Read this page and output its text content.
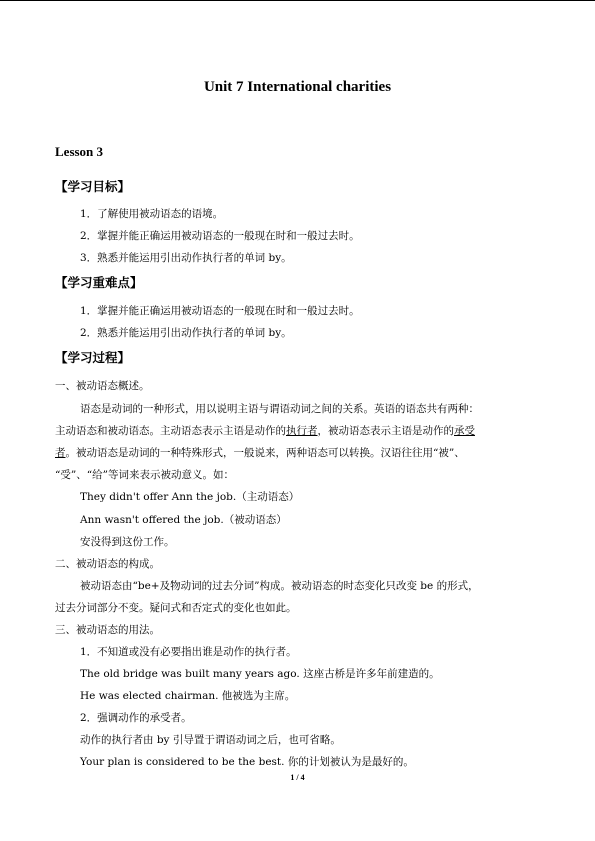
Unit 7 International charities
Lesson 3
【学习目标】
1．了解使用被动语态的语境。
2．掌握并能正确运用被动语态的一般现在时和一般过去时。
3．熟悉并能运用引出动作执行者的单词 by。
【学习重难点】
1．掌握并能正确运用被动语态的一般现在时和一般过去时。
2．熟悉并能运用引出动作执行者的单词 by。
【学习过程】
一、被动语态概述。
语态是动词的一种形式，用以说明主语与谓语动词之间的关系。英语的语态共有两种：
主动语态和被动语态。主动语态表示主语是动作的执行者，被动语态表示主语是动作的承受
者。被动语态是动词的一种特殊形式，一般说来，两种语态可以转换。汉语往往用“被”、
“受”、“给”等词来表示被动意义。如：
They didn't offer Ann the job.（主动语态）
Ann wasn't offered the job.（被动语态）
安没得到这份工作。
二、被动语态的构成。
被动语态由“be+及物动词的过去分词”构成。被动语态的时态变化只改变 be 的形式，
过去分词部分不变。疑问式和否定式的变化也如此。
三、被动语态的用法。
1．不知道或没有必要指出谁是动作的执行者。
The old bridge was built many years ago. 这座古桥是许多年前建造的。
He was elected chairman. 他被选为主席。
2．强调动作的承受者。
动作的执行者由 by 引导置于谓语动词之后，也可省略。
Your plan is considered to be the best. 你的计划被认为是最好的。
1 / 4
